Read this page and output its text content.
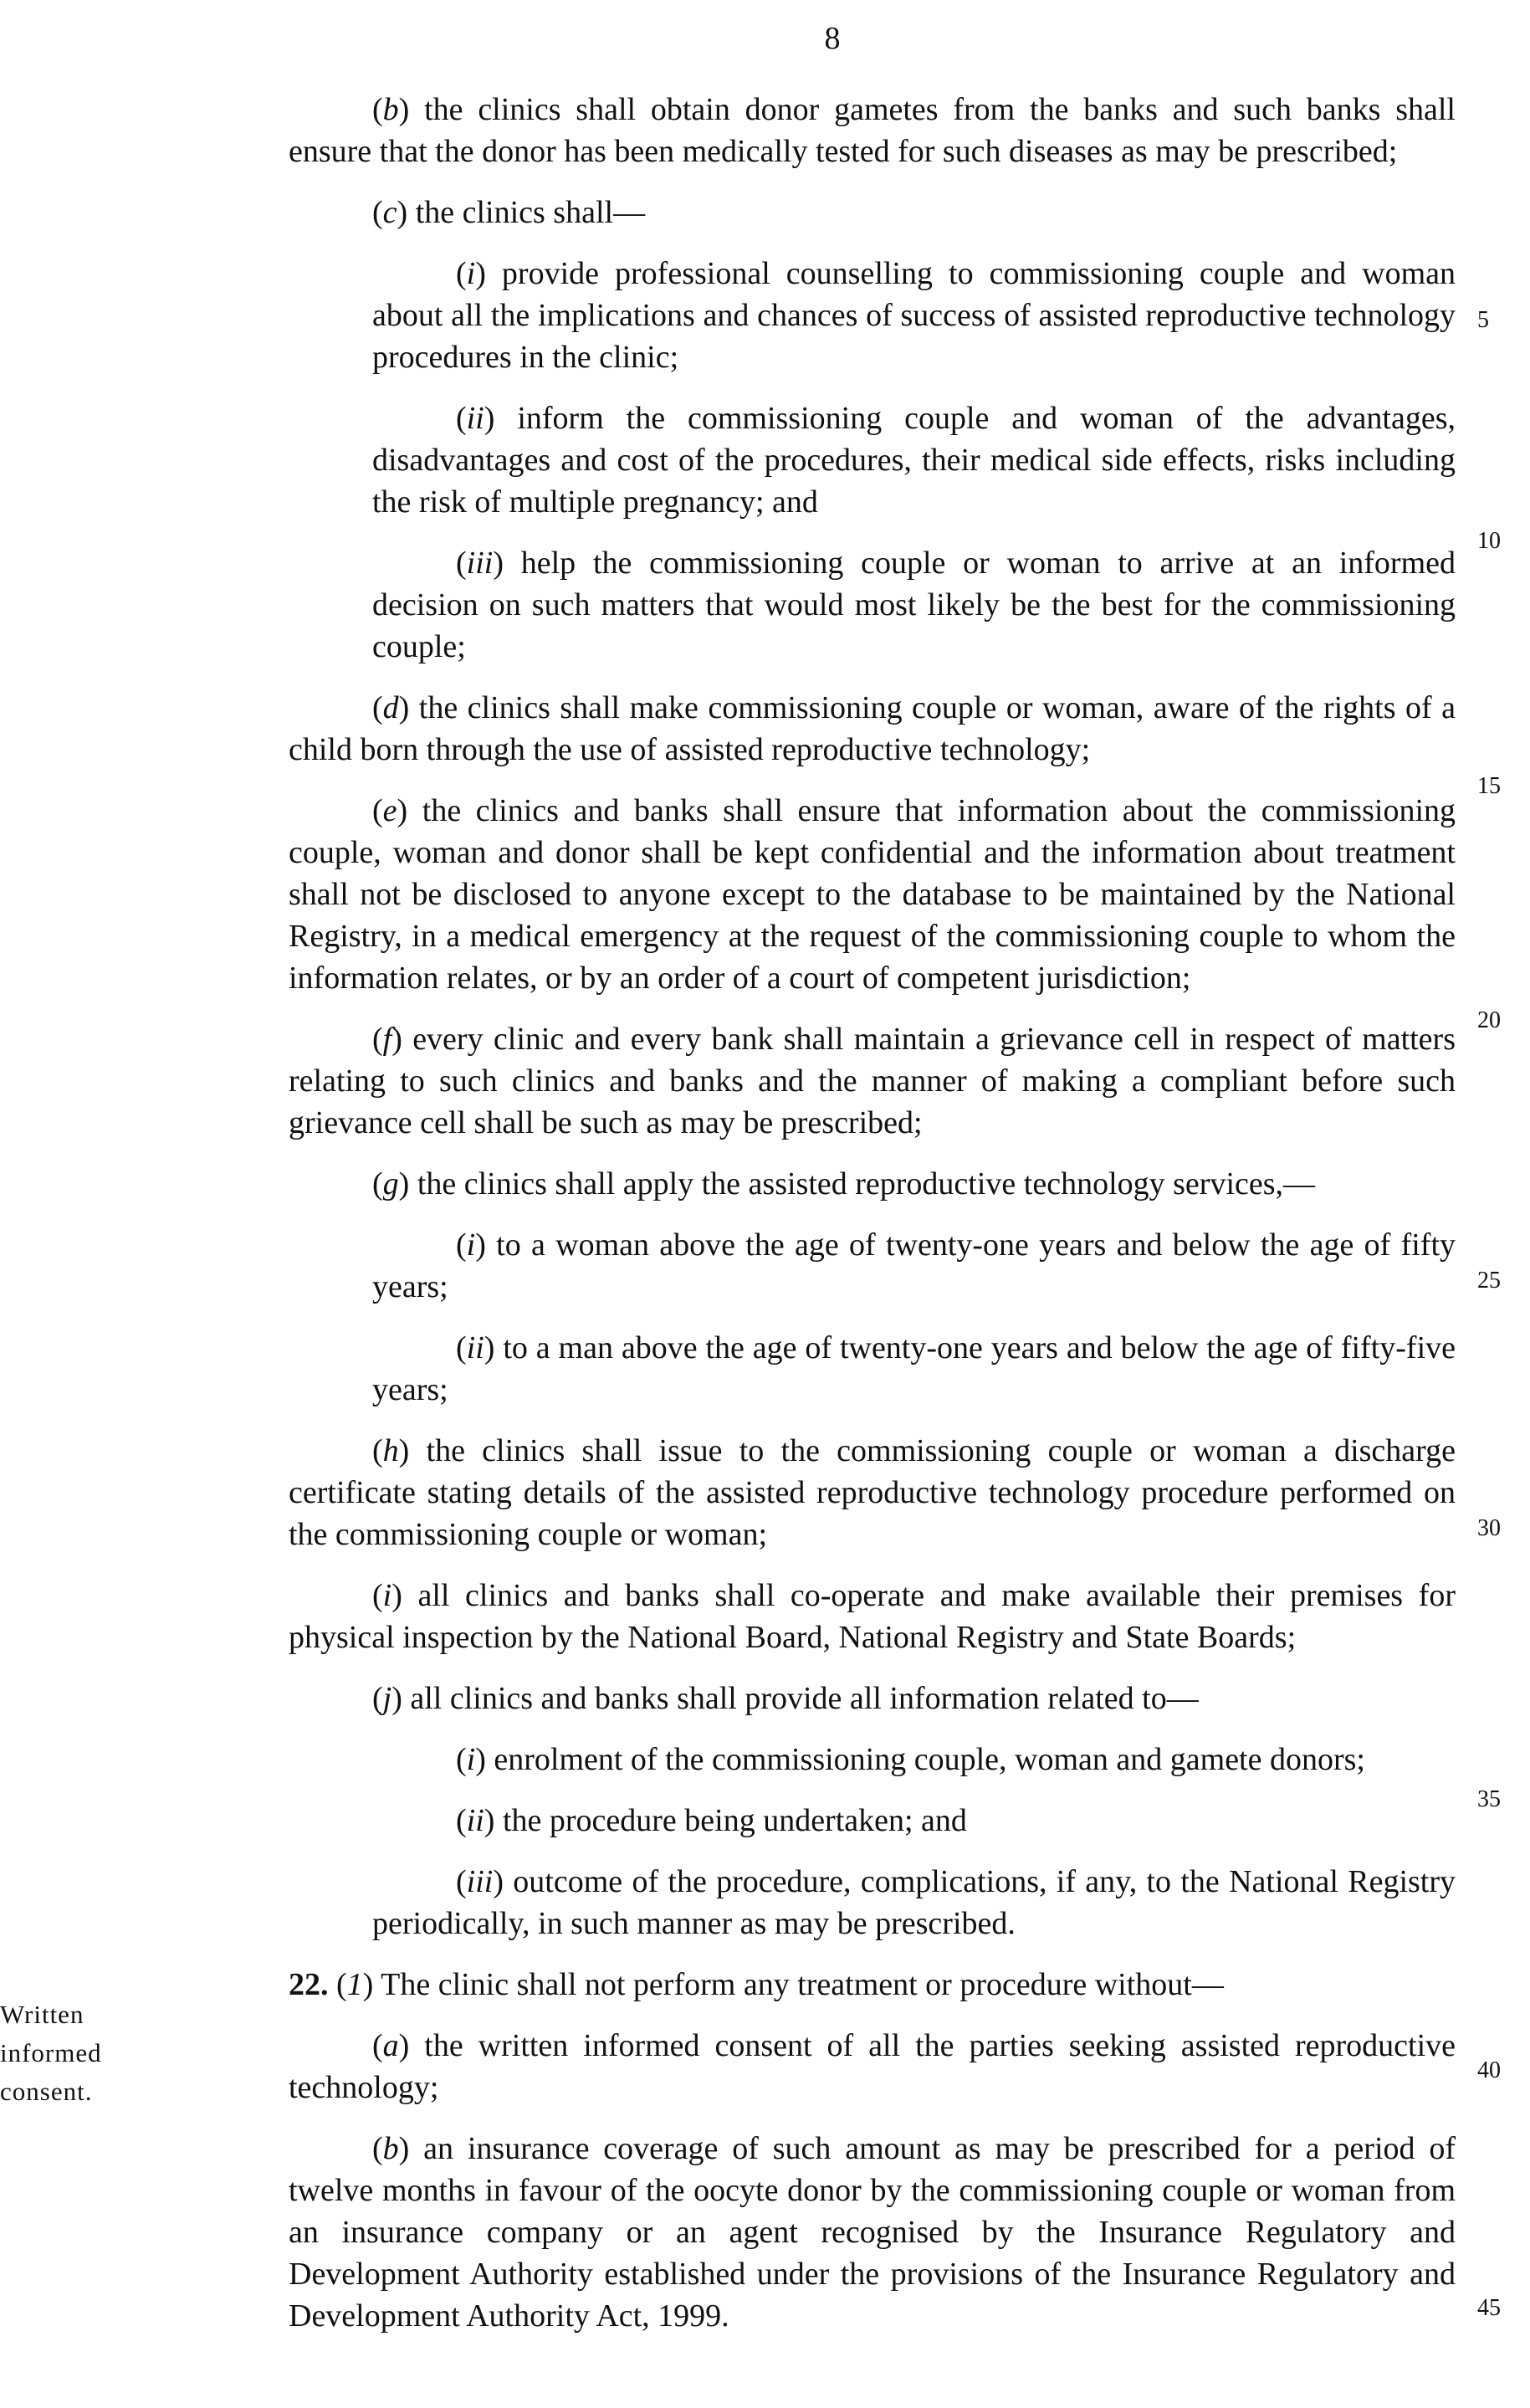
8

(b) the clinics shall obtain donor gametes from the banks and such banks shall ensure that the donor has been medically tested for such diseases as may be prescribed;

(c) the clinics shall—

(i) provide professional counselling to commissioning couple and woman about all the implications and chances of success of assisted reproductive technology procedures in the clinic;

(ii) inform the commissioning couple and woman of the advantages, disadvantages and cost of the procedures, their medical side effects, risks including the risk of multiple pregnancy; and

(iii) help the commissioning couple or woman to arrive at an informed decision on such matters that would most likely be the best for the commissioning couple;

(d) the clinics shall make commissioning couple or woman, aware of the rights of a child born through the use of assisted reproductive technology;

(e) the clinics and banks shall ensure that information about the commissioning couple, woman and donor shall be kept confidential and the information about treatment shall not be disclosed to anyone except to the database to be maintained by the National Registry, in a medical emergency at the request of the commissioning couple to whom the information relates, or by an order of a court of competent jurisdiction;

(f) every clinic and every bank shall maintain a grievance cell in respect of matters relating to such clinics and banks and the manner of making a compliant before such grievance cell shall be such as may be prescribed;

(g) the clinics shall apply the assisted reproductive technology services,—

(i) to a woman above the age of twenty-one years and below the age of fifty years;

(ii) to a man above the age of twenty-one years and below the age of fifty-five years;

(h) the clinics shall issue to the commissioning couple or woman a discharge certificate stating details of the assisted reproductive technology procedure performed on the commissioning couple or woman;

(i) all clinics and banks shall co-operate and make available their premises for physical inspection by the National Board, National Registry and State Boards;

(j) all clinics and banks shall provide all information related to—

(i) enrolment of the commissioning couple, woman and gamete donors;

(ii) the procedure being undertaken; and

(iii) outcome of the procedure, complications, if any, to the National Registry periodically, in such manner as may be prescribed.

22. (1) The clinic shall not perform any treatment or procedure without—

(a) the written informed consent of all the parties seeking assisted reproductive technology;

(b) an insurance coverage of such amount as may be prescribed for a period of twelve months in favour of the oocyte donor by the commissioning couple or woman from an insurance company or an agent recognised by the Insurance Regulatory and Development Authority established under the provisions of the Insurance Regulatory and Development Authority Act, 1999.

5
10
15
20
25
30
35
40
45
Written
informed
consent.
